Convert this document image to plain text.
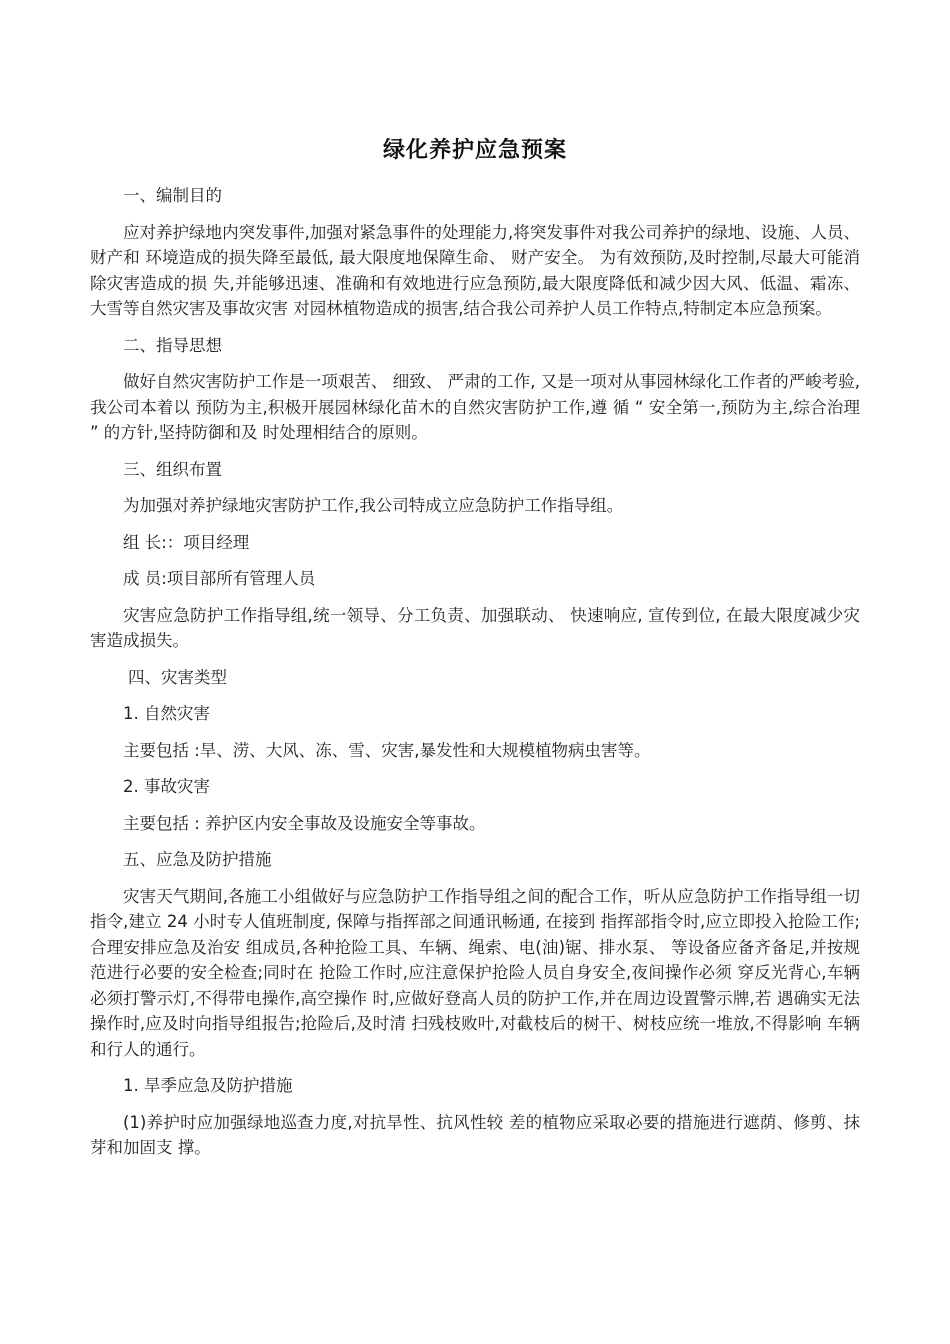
绿化养护应急预案

一、编制目的

应对养护绿地内突发事件,加强对紧急事件的处理能力,将突发事件对我公司养护的绿地、设施、人员、财产和 环境造成的损失降至最低, 最大限度地保障生命、 财产安全。 为有效预防,及时控制,尽最大可能消除灾害造成的损 失,并能够迅速、准确和有效地进行应急预防,最大限度降低和减少因大风、低温、霜冻、大雪等自然灾害及事故灾害 对园林植物造成的损害,结合我公司养护人员工作特点,特制定本应急预案。

二、指导思想

做好自然灾害防护工作是一项艰苦、 细致、 严肃的工作, 又是一项对从事园林绿化工作者的严峻考验,我公司本着以 预防为主,积极开展园林绿化苗木的自然灾害防护工作,遵 循 “ 安全第一,预防为主,综合治理 ” 的方针,坚持防御和及 时处理相结合的原则。

三、组织布置

为加强对养护绿地灾害防护工作,我公司特成立应急防护工作指导组。

组 长:：项目经理

成 员:项目部所有管理人员

灾害应急防护工作指导组,统一领导、分工负责、加强联动、 快速响应, 宣传到位, 在最大限度减少灾害造成损失。

四、灾害类型

1. 自然灾害

主要包括 :旱、涝、大风、冻、雪、灾害,暴发性和大规模植物病虫害等。

2. 事故灾害

主要包括 : 养护区内安全事故及设施安全等事故。

五、应急及防护措施

灾害天气期间,各施工小组做好与应急防护工作指导组之间的配合工作，听从应急防护工作指导组一切指令,建立 24 小时专人值班制度, 保障与指挥部之间通讯畅通, 在接到 指挥部指令时,应立即投入抢险工作;合理安排应急及治安 组成员,各种抢险工具、车辆、绳索、电(油)锯、排水泵、 等设备应备齐备足,并按规范进行必要的安全检查;同时在 抢险工作时,应注意保护抢险人员自身安全,夜间操作必须 穿反光背心,车辆必须打警示灯,不得带电操作,高空操作 时,应做好登高人员的防护工作,并在周边设置警示牌,若 遇确实无法操作时,应及时向指导组报告;抢险后,及时清 扫残枝败叶,对截枝后的树干、树枝应统一堆放,不得影响 车辆和行人的通行。

1. 旱季应急及防护措施

(1)养护时应加强绿地巡查力度,对抗旱性、抗风性较 差的植物应采取必要的措施进行遮荫、修剪、抹芽和加固支 撑。
